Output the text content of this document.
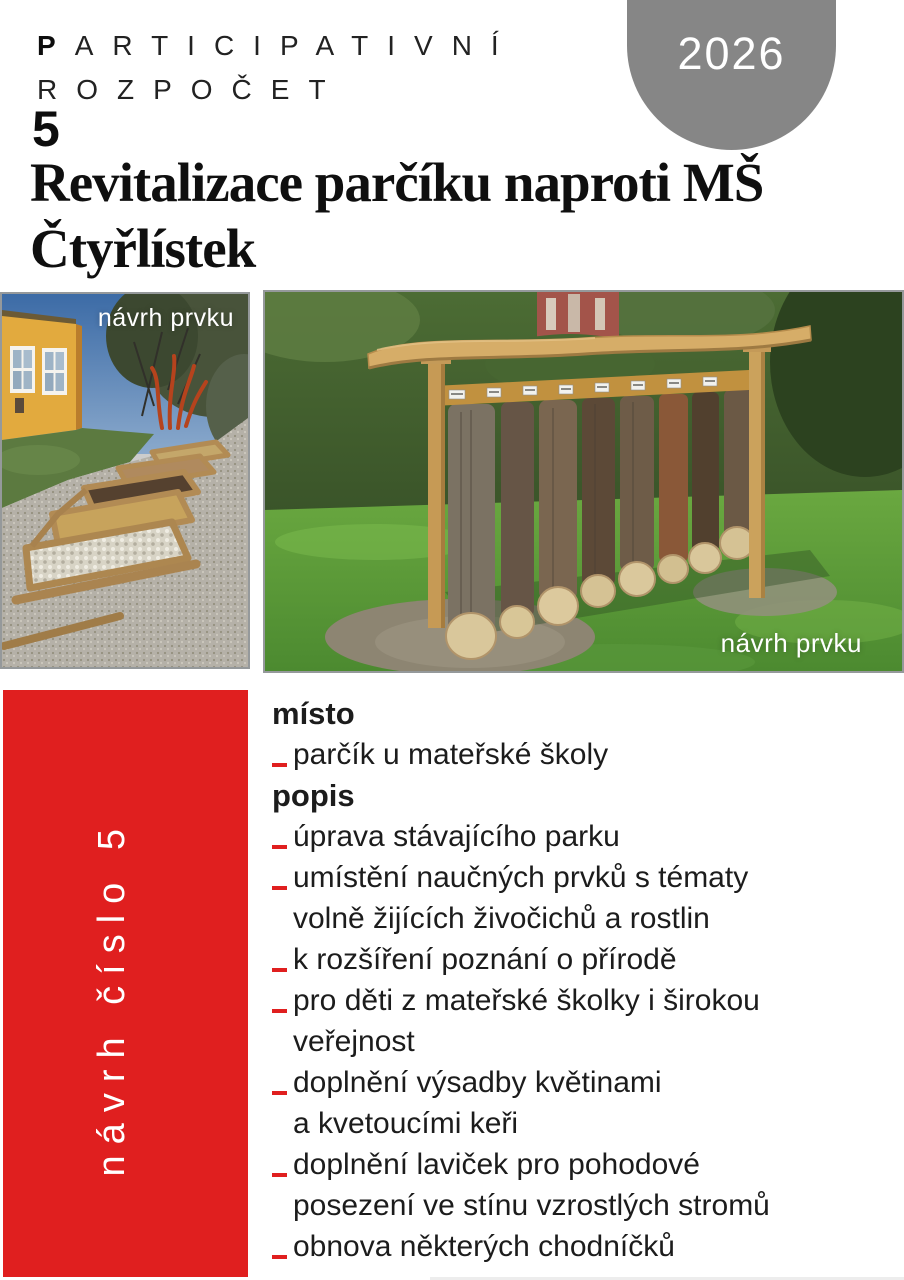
PARTICIPATIVNÍ
ROZPOČET
2026
5
Revitalizace parčíku naproti MŠ Čtyřlístek
návrh prvku
návrh prvku
návrh číslo 5
místo
parčík u mateřské školy
popis
úprava stávajícího parku
umístění naučných prvků s tématy
volně žijících živočichů a rostlin
k rozšíření poznání o přírodě
pro děti z mateřské školky i širokou
veřejnost
doplnění výsadby květinami
a kvetoucími keři
doplnění laviček pro pohodové
posezení ve stínu vzrostlých stromů
obnova některých chodníčků
